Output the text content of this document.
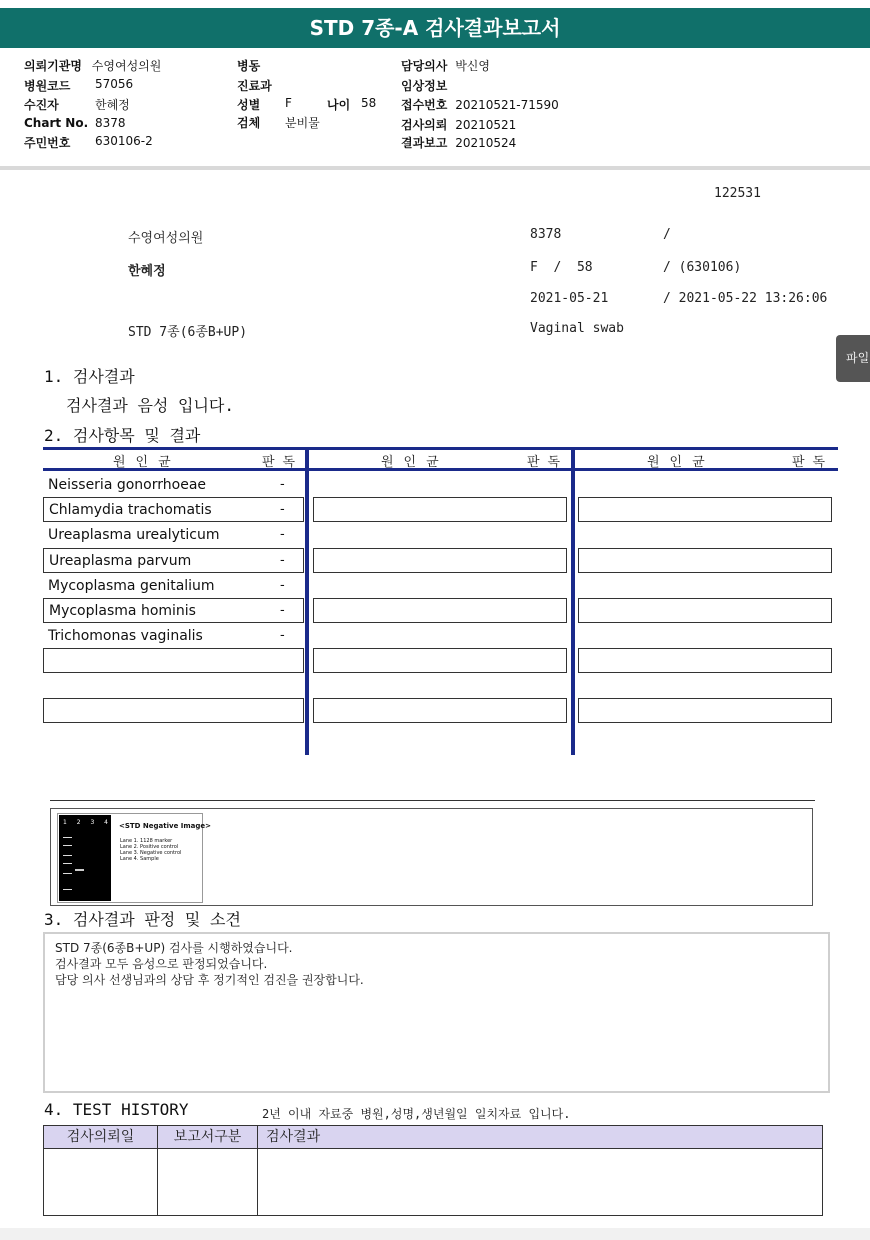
STD 7종-A 검사결과보고서
의뢰기관명 수영여성의원
병원코드 57056
수진자	한혜정
Chart No. 8378
주민번호 630106-2
병동
진료과
성별 F	나이 58
검체 분비물
담당의사 박신영
임상정보
접수번호 20210521-71590
검사의뢰 20210521
결과보고 20210524
122531
수영여성의원	8378	/
한혜정	F  /  58	/ (630106)
2021-05-21	/ 2021-05-22 13:26:06
STD 7종(6종B+UP)	Vaginal swab
파일
1. 검사결과
검사결과 음성 입니다.
2. 검사항목 및 결과
원인균	판독	원인균	판독	원인균	판독
Neisseria gonorrhoeae	-
Chlamydia trachomatis	-
Ureaplasma urealyticum	-
Ureaplasma parvum	-
Mycoplasma genitalium	-
Mycoplasma hominis	-
Trichomonas vaginalis	-
1 2 3 4 <STD Negative Image>
Lane 1. 1128 marker
Lane 2. Positive control
Lane 3. Negative control
Lane 4. Sample
3. 검사결과 판정 및 소견
STD 7종(6종B+UP) 검사를 시행하였습니다.
검사결과 모두 음성으로 판정되었습니다.
담당 의사 선생님과의 상담 후 정기적인 검진을 권장합니다.
4. TEST HISTORY	2년 이내 자료중 병원,성명,생년월일 일치자료 입니다.
검사의뢰일	보고서구분	검사결과
